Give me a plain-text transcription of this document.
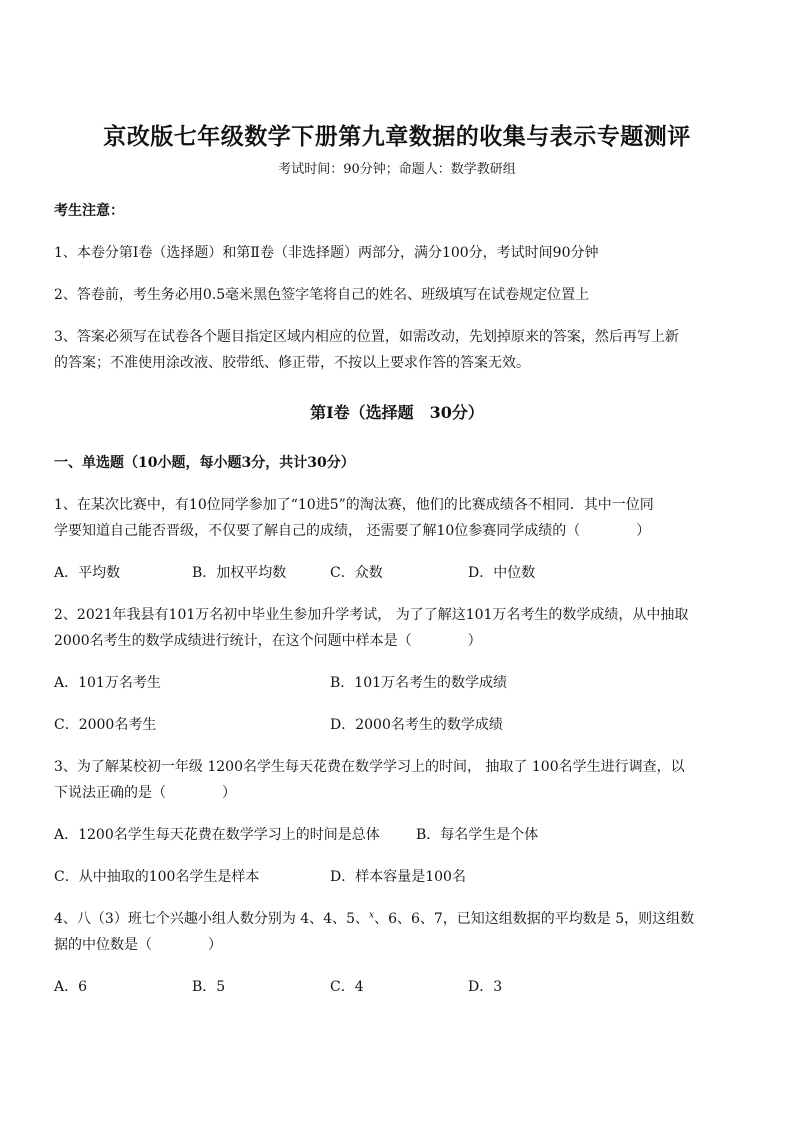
京改版七年级数学下册第九章数据的收集与表示专题测评
考试时间：90分钟；命题人：数学教研组
考生注意：
1、本卷分第Ⅰ卷（选择题）和第Ⅱ卷（非选择题）两部分，满分100分，考试时间90分钟
2、答卷前，考生务必用0.5毫米黑色签字笔将自己的姓名、班级填写在试卷规定位置上
3、答案必须写在试卷各个题目指定区域内相应的位置，如需改动，先划掉原来的答案，然后再写上新
的答案；不准使用涂改液、胶带纸、修正带，不按以上要求作答的答案无效。
第Ⅰ卷（选择题　30分）
一、单选题（10小题，每小题3分，共计30分）
1、在某次比赛中，有10位同学参加了“10进5”的淘汰赛，他们的比赛成绩各不相同．其中一位同
学要知道自己能否晋级，不仅要了解自己的成绩， 还需要了解10位参赛同学成绩的（　　　　）
A．平均数	B．加权平均数	C．众数	D．中位数
2、2021年我县有101万名初中毕业生参加升学考试， 为了了解这101万名考生的数学成绩，从中抽取
2000名考生的数学成绩进行统计，在这个问题中样本是（　　　　）
A．101万名考生	B．101万名考生的数学成绩
C．2000名考生	D．2000名考生的数学成绩
3、为了解某校初一年级 1200名学生每天花费在数学学习上的时间， 抽取了 100名学生进行调查，以
下说法正确的是（　　　　）
A．1200名学生每天花费在数学学习上的时间是总体	B．每名学生是个体
C．从中抽取的100名学生是样本	D．样本容量是100名
4、八（3）班七个兴趣小组人数分别为 4、4、5、$^x$、6、6、7，已知这组数据的平均数是 5，则这组数
据的中位数是（　　　　）
A．6	B．5	C．4	D．3
